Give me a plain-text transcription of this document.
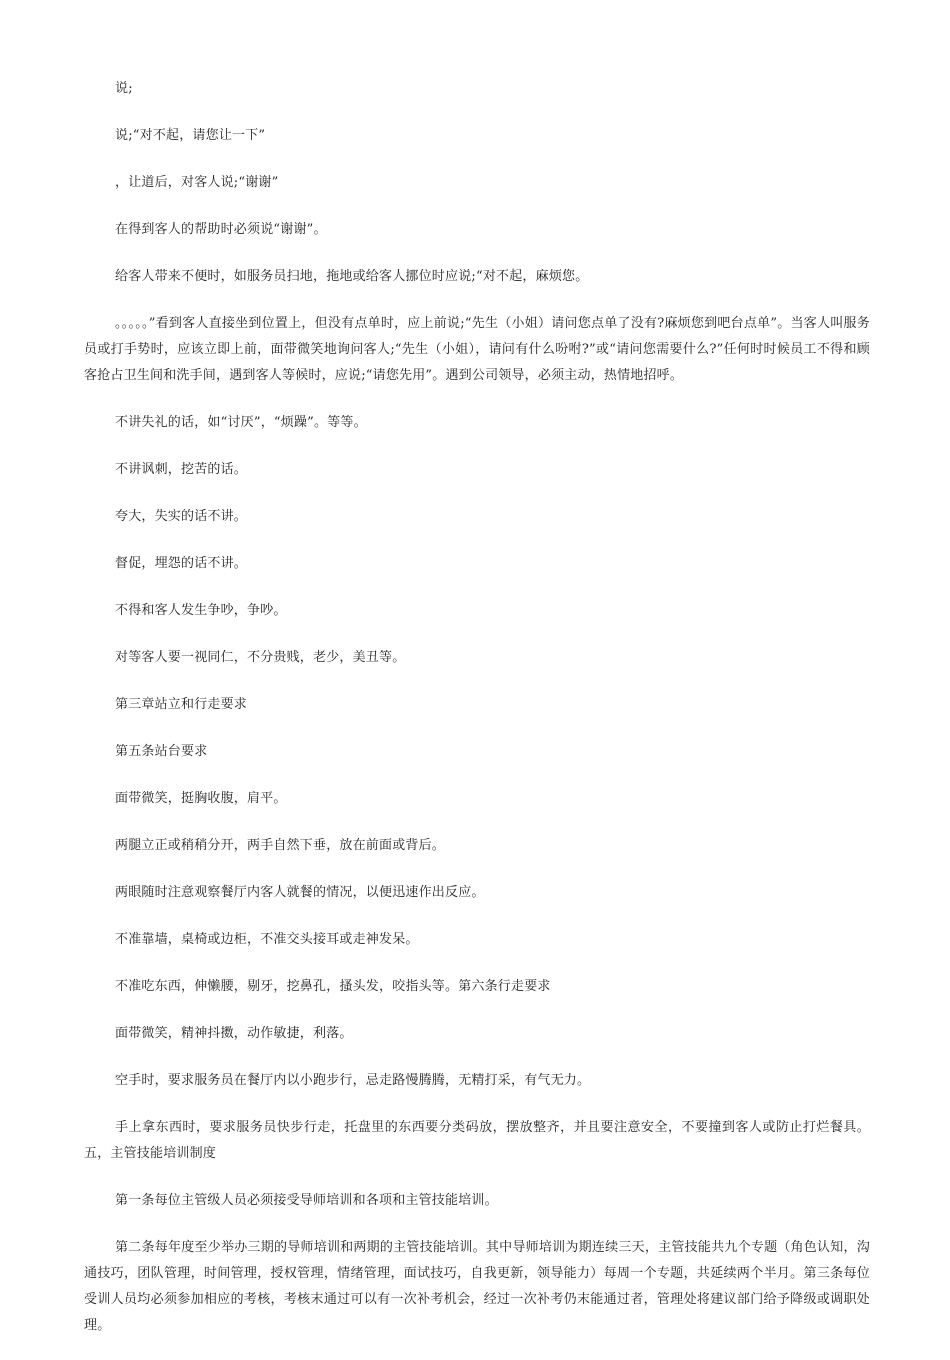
说;

说;“对不起，请您让一下”

，让道后，对客人说;“谢谢”

在得到客人的帮助时必须说“谢谢”。

给客人带来不便时，如服务员扫地，拖地或给客人挪位时应说;“对不起，麻烦您。

。。。。。”看到客人直接坐到位置上，但没有点单时，应上前说;“先生（小姐）请问您点单了没有?麻烦您到吧台点单”。当客人叫服务员或打手势时，应该立即上前，面带微笑地询问客人;“先生（小姐），请问有什么吩咐?”或“请问您需要什么?”任何时时候员工不得和顾客抢占卫生间和洗手间，遇到客人等候时，应说;“请您先用”。遇到公司领导，必须主动，热情地招呼。

不讲失礼的话，如“讨厌”，“烦躁”。等等。

不讲讽刺，挖苦的话。

夸大，失实的话不讲。

督促，埋怨的话不讲。

不得和客人发生争吵，争吵。

对等客人要一视同仁，不分贵贱，老少，美丑等。

第三章站立和行走要求

第五条站台要求

面带微笑，挺胸收腹，肩平。

两腿立正或稍稍分开，两手自然下垂，放在前面或背后。

两眼随时注意观察餐厅内客人就餐的情况，以便迅速作出反应。

不准靠墙，桌椅或边柜，不准交头接耳或走神发呆。

不准吃东西，伸懒腰，剔牙，挖鼻孔，搔头发，咬指头等。第六条行走要求

面带微笑，精神抖擞，动作敏捷，利落。

空手时，要求服务员在餐厅内以小跑步行，忌走路慢腾腾，无精打采，有气无力。

手上拿东西时，要求服务员快步行走，托盘里的东西要分类码放，摆放整齐，并且要注意安全，不要撞到客人或防止打烂餐具。五，主管技能培训制度

第一条每位主管级人员必须接受导师培训和各项和主管技能培训。

第二条每年度至少举办三期的导师培训和两期的主管技能培训。其中导师培训为期连续三天，主管技能共九个专题（角色认知，沟通技巧，团队管理，时间管理，授权管理，情绪管理，面试技巧，自我更新，领导能力）每周一个专题，共延续两个半月。第三条每位受训人员均必须参加相应的考核，考核末通过可以有一次补考机会，经过一次补考仍末能通过者，管理处将建议部门给予降级或调职处理。
